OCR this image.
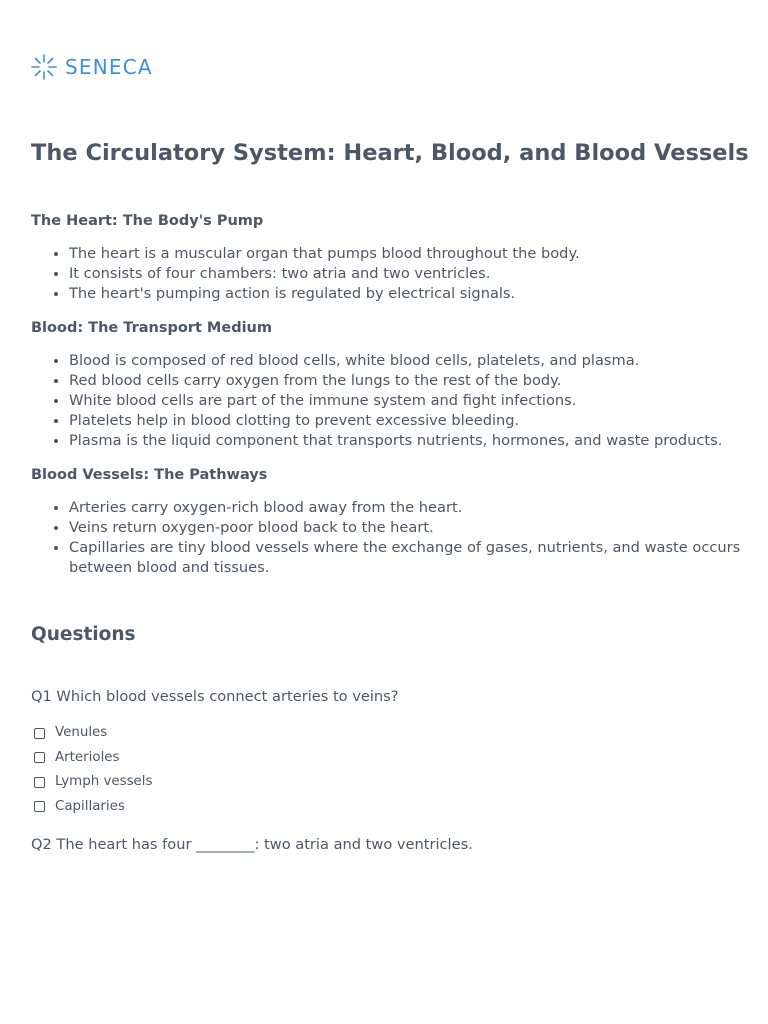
SENECA
The Circulatory System: Heart, Blood, and Blood Vessels
The Heart: The Body's Pump
• The heart is a muscular organ that pumps blood throughout the body.
• It consists of four chambers: two atria and two ventricles.
• The heart's pumping action is regulated by electrical signals.
Blood: The Transport Medium
• Blood is composed of red blood cells, white blood cells, platelets, and plasma.
• Red blood cells carry oxygen from the lungs to the rest of the body.
• White blood cells are part of the immune system and fight infections.
• Platelets help in blood clotting to prevent excessive bleeding.
• Plasma is the liquid component that transports nutrients, hormones, and waste products.
Blood Vessels: The Pathways
• Arteries carry oxygen-rich blood away from the heart.
• Veins return oxygen-poor blood back to the heart.
• Capillaries are tiny blood vessels where the exchange of gases, nutrients, and waste occurs between blood and tissues.
Questions

Q1 Which blood vessels connect arteries to veins?

Venules
Arterioles
Lymph vessels
Capillaries

Q2 The heart has four ________: two atria and two ventricles.
